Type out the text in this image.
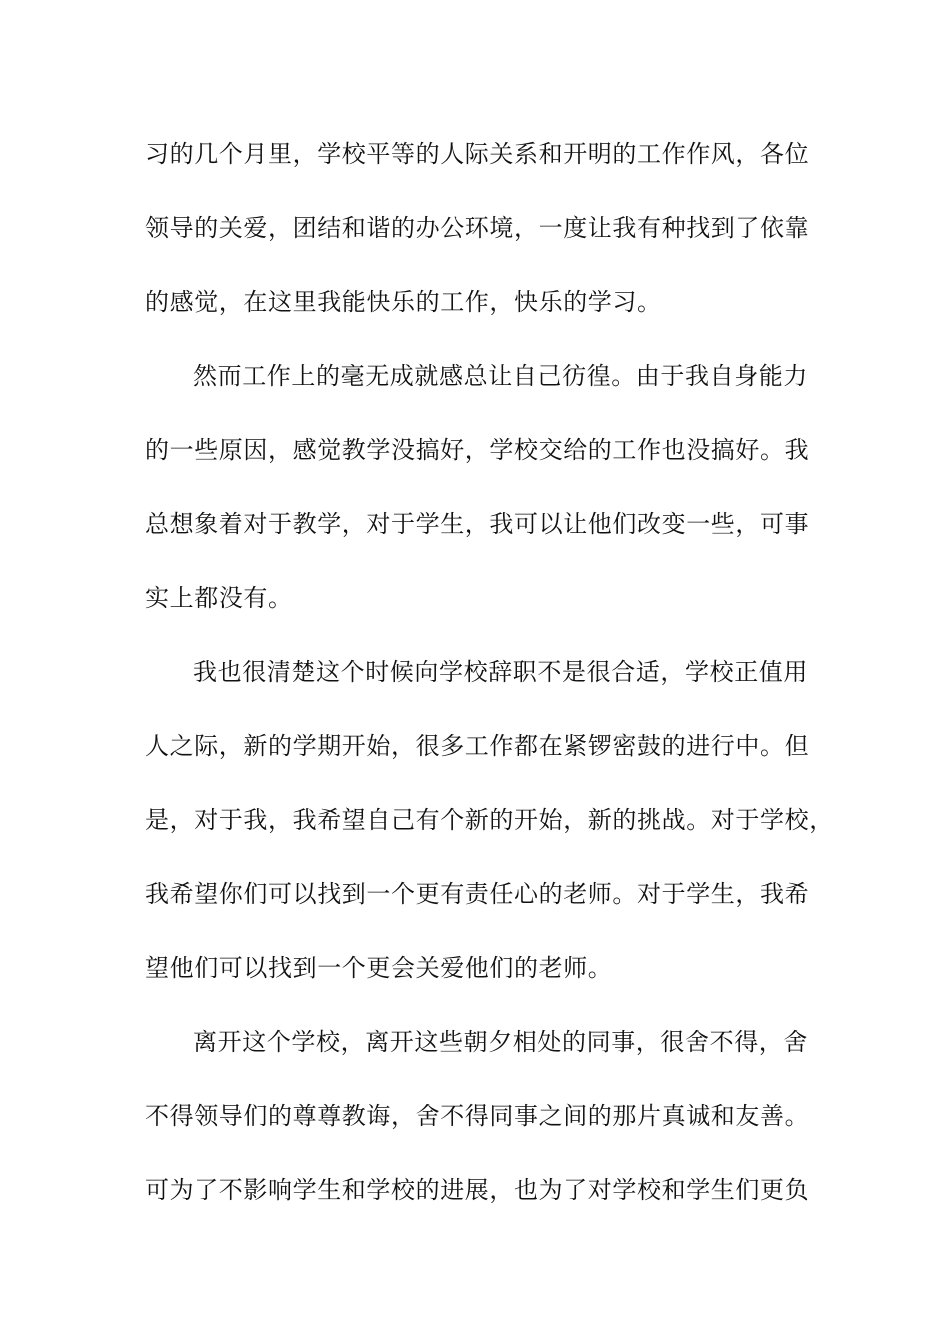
习的几个月里，学校平等的人际关系和开明的工作作风，各位
领导的关爱，团结和谐的办公环境，一度让我有种找到了依靠
的感觉，在这里我能快乐的工作，快乐的学习。
然而工作上的毫无成就感总让自己彷徨。由于我自身能力
的一些原因，感觉教学没搞好，学校交给的工作也没搞好。我
总想象着对于教学，对于学生，我可以让他们改变一些，可事
实上都没有。
我也很清楚这个时候向学校辞职不是很合适，学校正值用
人之际，新的学期开始，很多工作都在紧锣密鼓的进行中。但
是，对于我，我希望自己有个新的开始，新的挑战。对于学校，
我希望你们可以找到一个更有责任心的老师。对于学生，我希
望他们可以找到一个更会关爱他们的老师。
离开这个学校，离开这些朝夕相处的同事，很舍不得，舍
不得领导们的尊尊教诲，舍不得同事之间的那片真诚和友善。
可为了不影响学生和学校的进展，也为了对学校和学生们更负
